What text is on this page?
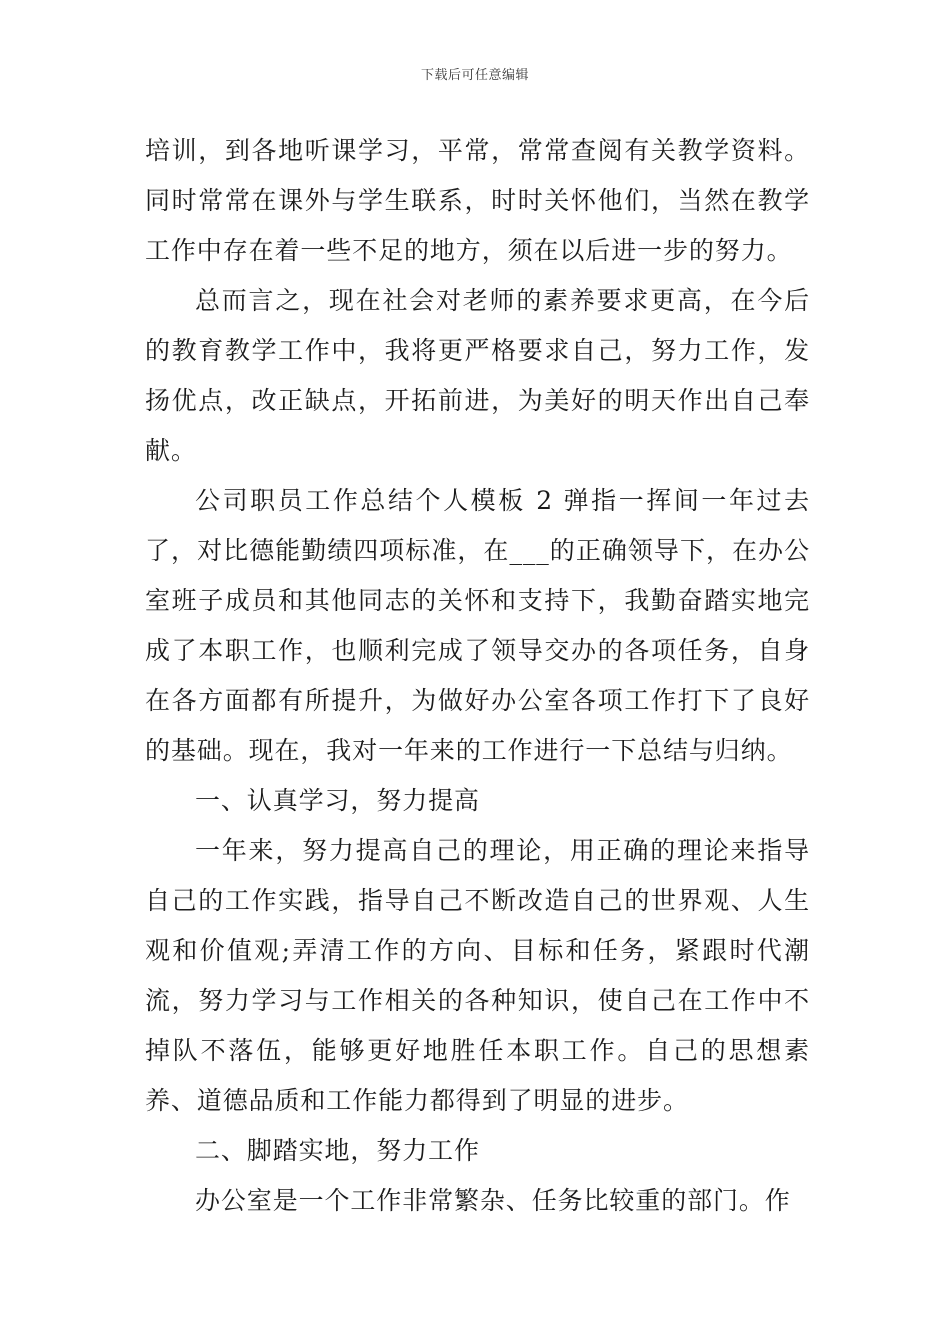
下载后可任意编辑

培训，到各地听课学习，平常，常常查阅有关教学资料。同时常常在课外与学生联系，时时关怀他们，当然在教学工作中存在着一些不足的地方，须在以后进一步的努力。

总而言之，现在社会对老师的素养要求更高，在今后的教育教学工作中，我将更严格要求自己，努力工作，发扬优点，改正缺点，开拓前进，为美好的明天作出自己奉献。

公司职员工作总结个人模板 2 弹指一挥间一年过去了，对比德能勤绩四项标准，在___的正确领导下，在办公室班子成员和其他同志的关怀和支持下，我勤奋踏实地完成了本职工作，也顺利完成了领导交办的各项任务，自身在各方面都有所提升，为做好办公室各项工作打下了良好的基础。现在，我对一年来的工作进行一下总结与归纳。

一、认真学习，努力提高

一年来，努力提高自己的理论，用正确的理论来指导自己的工作实践，指导自己不断改造自己的世界观、人生观和价值观;弄清工作的方向、目标和任务，紧跟时代潮流，努力学习与工作相关的各种知识，使自己在工作中不掉队不落伍，能够更好地胜任本职工作。自己的思想素养、道德品质和工作能力都得到了明显的进步。

二、脚踏实地，努力工作

办公室是一个工作非常繁杂、任务比较重的部门。作
